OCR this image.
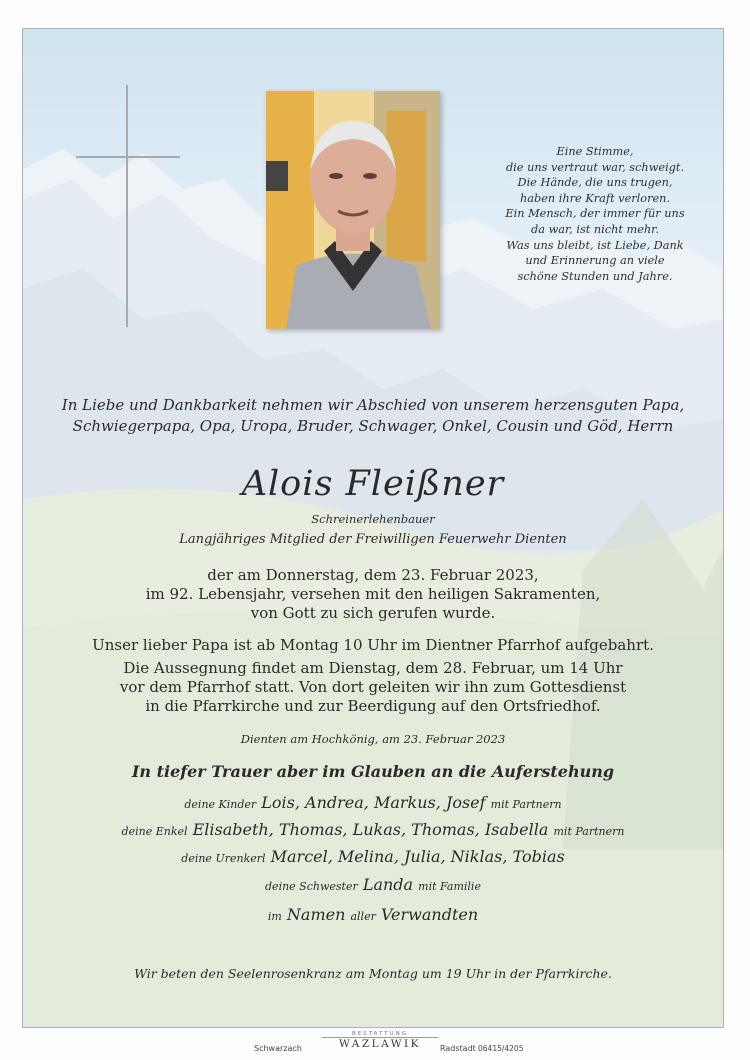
Eine Stimme,
die uns vertraut war, schweigt.
Die Hände, die uns trugen,
haben ihre Kraft verloren.
Ein Mensch, der immer für uns
da war, ist nicht mehr.
Was uns bleibt, ist Liebe, Dank
und Erinnerung an viele
schöne Stunden und Jahre.
In Liebe und Dankbarkeit nehmen wir Abschied von unserem herzensguten Papa,
Schwiegerpapa, Opa, Uropa, Bruder, Schwager, Onkel, Cousin und Göd, Herrn
Alois Fleißner
Schreinerlehenbauer
Langjähriges Mitglied der Freiwilligen Feuerwehr Dienten
der am Donnerstag, dem 23. Februar 2023,
im 92. Lebensjahr, versehen mit den heiligen Sakramenten,
von Gott zu sich gerufen wurde.
Unser lieber Papa ist ab Montag 10 Uhr im Dientner Pfarrhof aufgebahrt.
Die Aussegnung findet am Dienstag, dem 28. Februar, um 14 Uhr
vor dem Pfarrhof statt. Von dort geleiten wir ihn zum Gottesdienst
in die Pfarrkirche und zur Beerdigung auf den Ortsfriedhof.
Dienten am Hochkönig, am 23. Februar 2023
In tiefer Trauer aber im Glauben an die Auferstehung
deine Kinder Lois, Andrea, Markus, Josef mit Partnern
deine Enkel Elisabeth, Thomas, Lukas, Thomas, Isabella mit Partnern
deine Urenkerl Marcel, Melina, Julia, Niklas, Tobias
deine Schwester Landa mit Familie
im Namen aller Verwandten
Wir beten den Seelenrosenkranz am Montag um 19 Uhr in der Pfarrkirche.
Schwarzach
BESTATTUNG
WAZLAWIK	Radstadt 06415/4205
